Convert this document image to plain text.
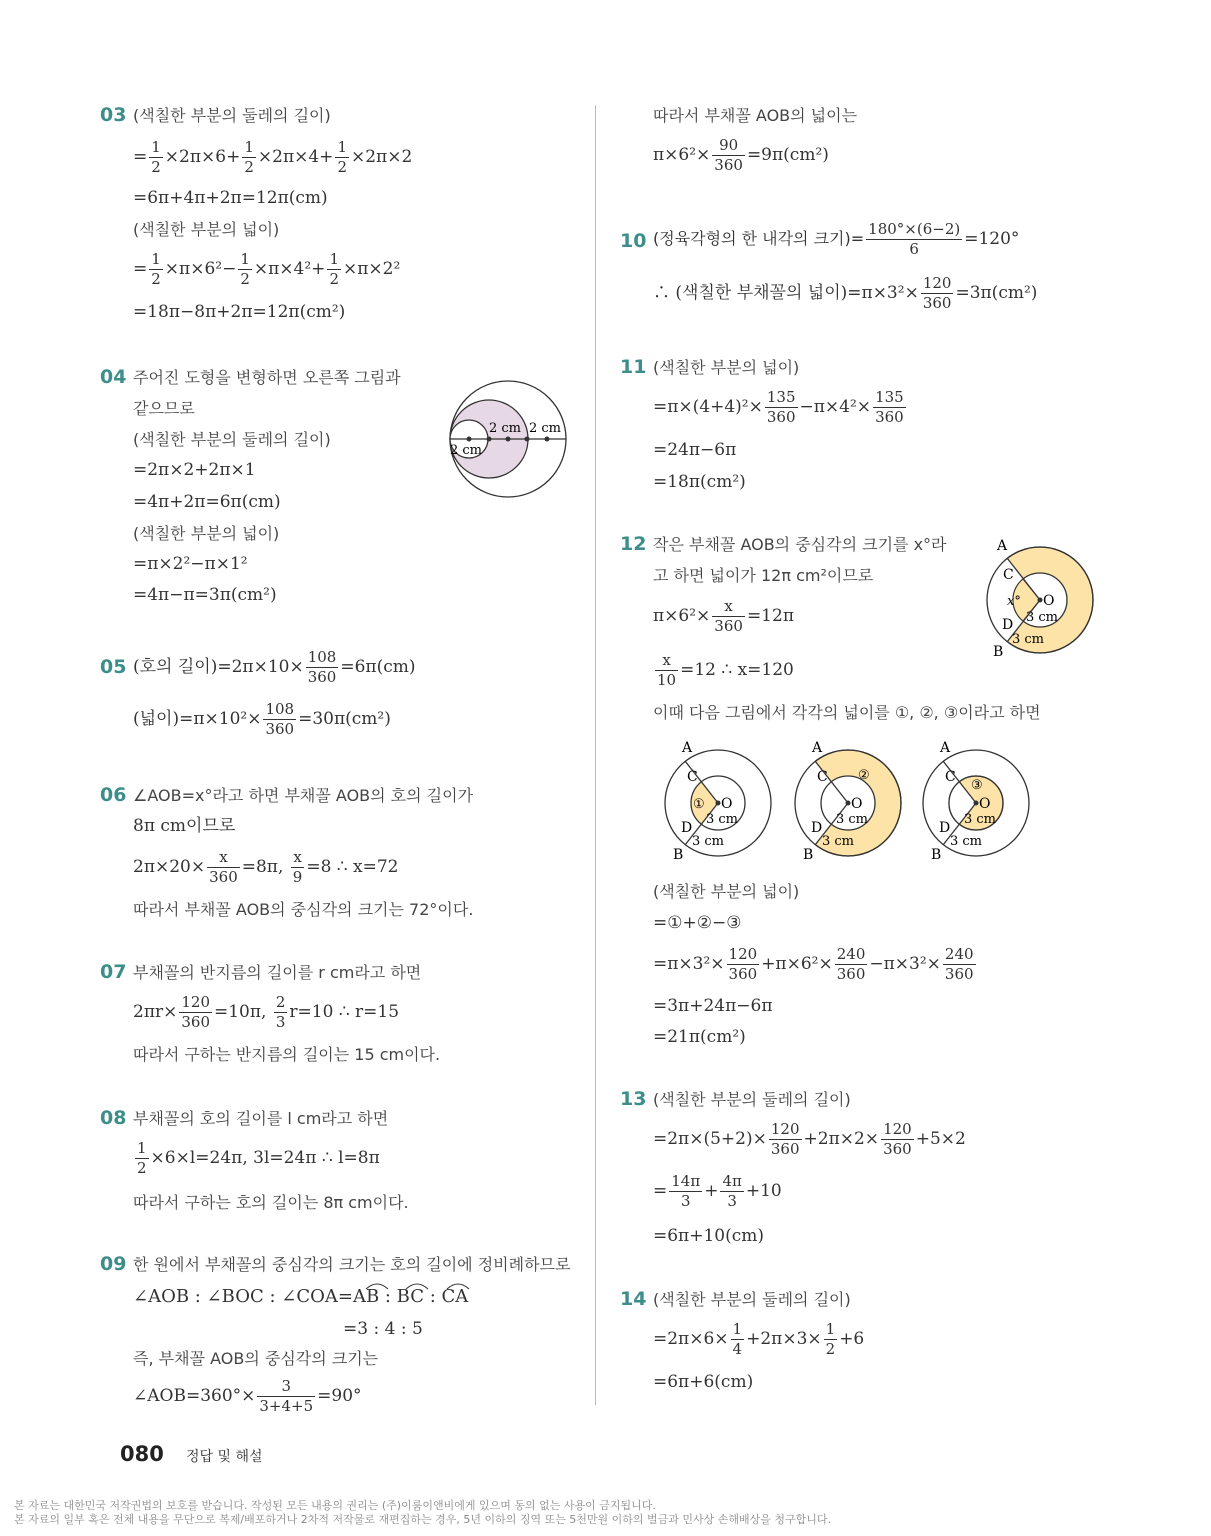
03 (색칠한 부분의 둘레의 길이)
= $\frac{1}{2} \times 2\pi\times 6+ \frac{1}{2} \times 2\pi\times 4+ \frac{1}{2} \times 2\pi\times 2$
=6π+4π+2π=12π(cm)
(색칠한 부분의 넓이)
= $\frac{1}{2} \times\pi\times 6^2- \frac{1}{2} \times\pi\times 4^2+ \frac{1}{2} \times\pi\times 2^2$
=18π−8π+2π=12π(cm²)
04 주어진 도형을 변형하면 오른쪽 그림과
같으므로
(색칠한 부분의 둘레의 길이)
=2π×2+2π×1
=4π+2π=6π(cm)
(색칠한 부분의 넓이)
=π×2²−π×1²
=4π−π=3π(cm²)
2 cm
2 cm 2 cm
05 (호의 길이)$=2\pi\times 10\times \frac{108}{360} =6\pi(cm)$
(넓이)$=\pi\times 10^2\times \frac{108}{360} =30\pi(cm^2)$
06 ∠AOB=x°라고 하면 부채꼴 AOB의 호의 길이가
8π cm이므로
$2\pi\times 20\times \frac{x}{360} =8\pi$, $\frac{x}{9} =8$ ∴ x=72
따라서 부채꼴 AOB의 중심각의 크기는 72°이다.
07 부채꼴의 반지름의 길이를 r cm라고 하면
$2\pi r\times \frac{120}{360} =10\pi$, $\frac{2}{3} r=10$ ∴ r=15
따라서 구하는 반지름의 길이는 15 cm이다.
08 부채꼴의 호의 길이를 l cm라고 하면
$\frac{1}{2} \times 6\times l=24\pi$, 3l=24π ∴ l=8π
따라서 구하는 호의 길이는 8π cm이다.
09 한 원에서 부채꼴의 중심각의 크기는 호의 길이에 정비례하므로
∠AOB : ∠BOC : ∠COA=AB : BC : CA
=3 : 4 : 5
즉, 부채꼴 AOB의 중심각의 크기는
∠AOB=360°× $\frac{3}{3+4+5} =90^\circ$
따라서 부채꼴 AOB의 넓이는
$\pi\times 6^2\times \frac{90}{360} =9\pi(cm^2)$
10 (정육각형의 한 내각의 크기)= $\frac{180^\circ\times(6-2)}{6} =120^\circ$
∴ (색칠한 부채꼴의 넓이)$=\pi\times 3^2\times \frac{120}{360} =3\pi(cm^2)$
11 (색칠한 부분의 넓이)
$=\pi\times(4+4)^2\times \frac{135}{360} -\pi\times 4^2\times \frac{135}{360}$
=24π−6π
=18π(cm²)
12 작은 부채꼴 AOB의 중심각의 크기를 x°라
고 하면 넓이가 12π cm²이므로
$\pi\times 6^2\times \frac{x}{360} =12\pi$
$\frac{x}{10} =12$ ∴ x=120
이때 다음 그림에서 각각의 넓이를 ①, ②, ③이라고 하면
A
C
O
x°
D
B
3 cm
3 cm
A
C
O
①
D
B
3 cm
3 cm
A
C
O
②
D
B
3 cm
3 cm
A
C
O
③
D
B
3 cm
3 cm
(색칠한 부분의 넓이)
=①+②−③
$=\pi\times 3^2\times \frac{120}{360} +\pi\times 6^2\times \frac{240}{360} -\pi\times 3^2\times \frac{240}{360}$
=3π+24π−6π
=21π(cm²)
13 (색칠한 부분의 둘레의 길이)
$=2\pi\times(5+2)\times \frac{120}{360} +2\pi\times 2\times \frac{120}{360} +5\times 2$
= $\frac{14\pi}{3} + \frac{4\pi}{3} +10$
=6π+10(cm)
14 (색칠한 부분의 둘레의 길이)
$=2\pi\times 6\times \frac{1}{4} +2\pi\times 3\times \frac{1}{2} +6$
=6π+6(cm)
080 정답 및 해설
본 자료는 대한민국 저작권법의 보호를 받습니다. 작성된 모든 내용의 권리는 (주)이룸이앤비에게 있으며 동의 없는 사용이 금지됩니다.
본 자료의 일부 혹은 전체 내용을 무단으로 복제/배포하거나 2차적 저작물로 재편집하는 경우, 5년 이하의 징역 또는 5천만원 이하의 벌금과 민사상 손해배상을 청구합니다.
